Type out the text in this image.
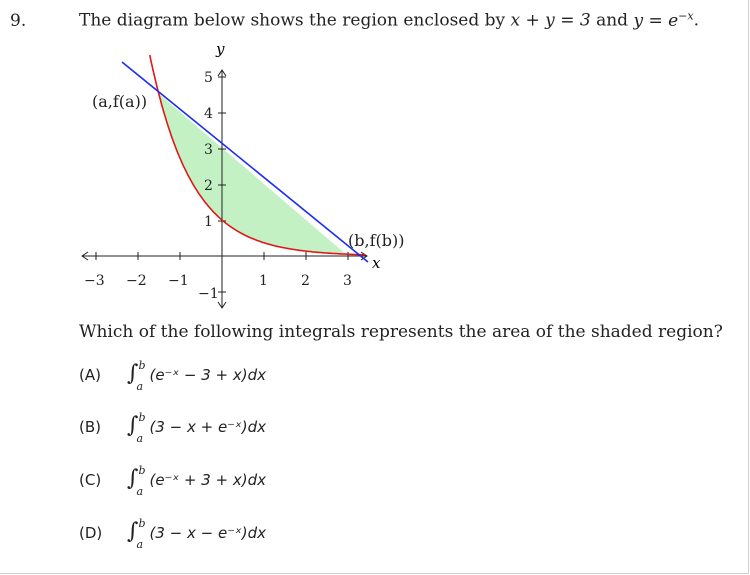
9.	The diagram below shows the region enclosed by x + y = 3 and $y = e^{-x}$.
y
x
−3 −2 −1	1 2 3
5
4
3
2
1
−1
(a,f(a))
(b,f(b))
Which of the following integrals represents the area of the shaded region?
(A)	∫ b
a
(e⁻ˣ − 3 + x)dx
(B)	∫ b
a
(3 − x + e⁻ˣ)dx
(C)	∫ b
a
(e⁻ˣ + 3 + x)dx
(D)	∫ b
a
(3 − x − e⁻ˣ)dx
